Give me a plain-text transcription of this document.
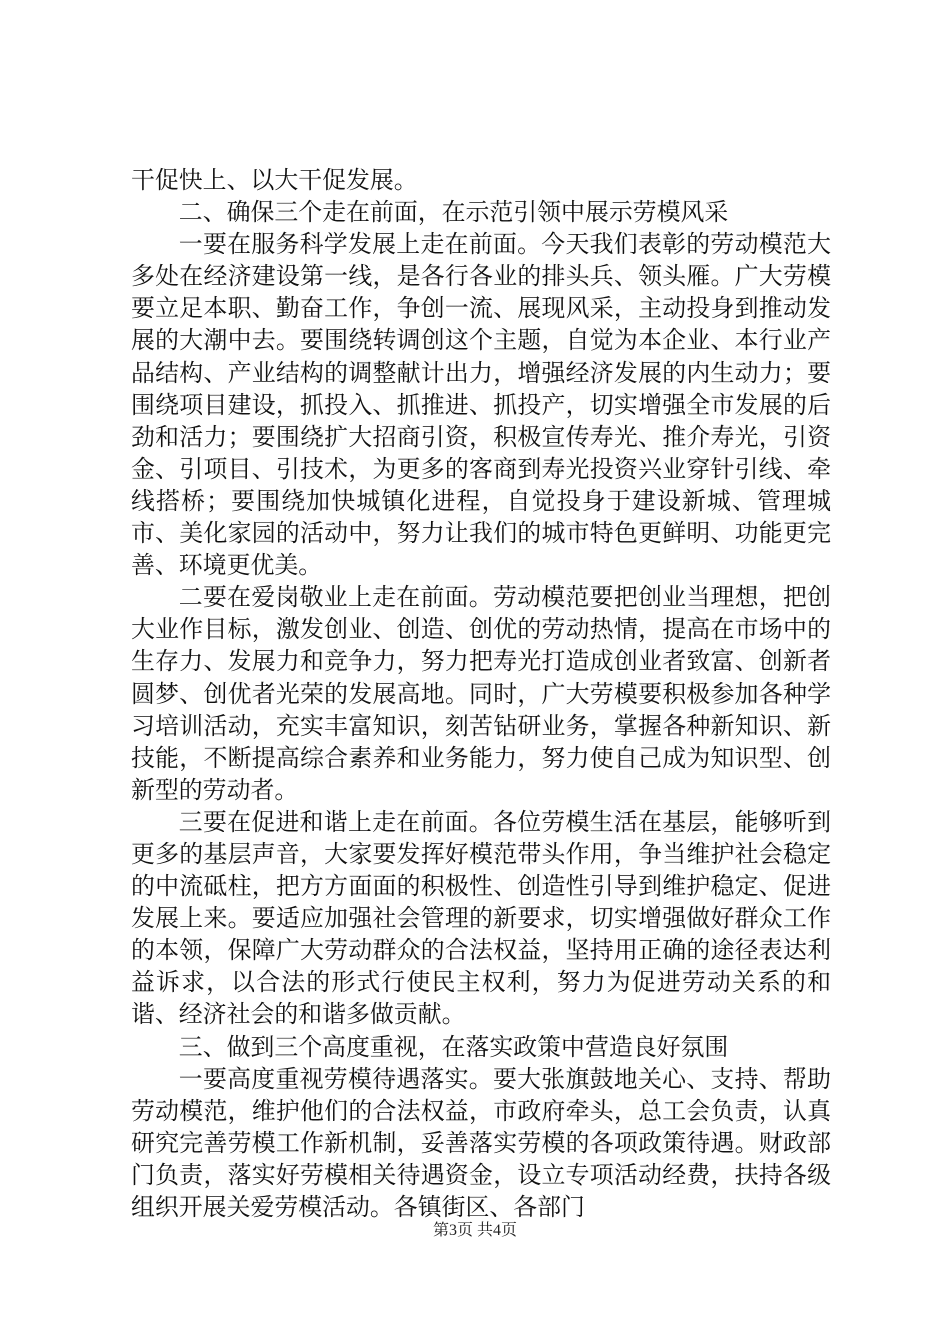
干促快上、以大干促发展。

二、确保三个走在前面，在示范引领中展示劳模风采

一要在服务科学发展上走在前面。今天我们表彰的劳动模范大多处在经济建设第一线，是各行各业的排头兵、领头雁。广大劳模要立足本职、勤奋工作，争创一流、展现风采，主动投身到推动发展的大潮中去。要围绕转调创这个主题，自觉为本企业、本行业产品结构、产业结构的调整献计出力，增强经济发展的内生动力；要围绕项目建设，抓投入、抓推进、抓投产，切实增强全市发展的后劲和活力；要围绕扩大招商引资，积极宣传寿光、推介寿光，引资金、引项目、引技术，为更多的客商到寿光投资兴业穿针引线、牵线搭桥；要围绕加快城镇化进程，自觉投身于建设新城、管理城市、美化家园的活动中，努力让我们的城市特色更鲜明、功能更完善、环境更优美。

二要在爱岗敬业上走在前面。劳动模范要把创业当理想，把创大业作目标，激发创业、创造、创优的劳动热情，提高在市场中的生存力、发展力和竞争力，努力把寿光打造成创业者致富、创新者圆梦、创优者光荣的发展高地。同时，广大劳模要积极参加各种学习培训活动，充实丰富知识，刻苦钻研业务，掌握各种新知识、新技能，不断提高综合素养和业务能力，努力使自己成为知识型、创新型的劳动者。

三要在促进和谐上走在前面。各位劳模生活在基层，能够听到更多的基层声音，大家要发挥好模范带头作用，争当维护社会稳定的中流砥柱，把方方面面的积极性、创造性引导到维护稳定、促进发展上来。要适应加强社会管理的新要求，切实增强做好群众工作的本领，保障广大劳动群众的合法权益，坚持用正确的途径表达利益诉求，以合法的形式行使民主权利，努力为促进劳动关系的和谐、经济社会的和谐多做贡献。

三、做到三个高度重视，在落实政策中营造良好氛围

一要高度重视劳模待遇落实。要大张旗鼓地关心、支持、帮助劳动模范，维护他们的合法权益，市政府牵头，总工会负责，认真研究完善劳模工作新机制，妥善落实劳模的各项政策待遇。财政部门负责，落实好劳模相关待遇资金，设立专项活动经费，扶持各级组织开展关爱劳模活动。各镇街区、各部门

第3页 共4页
